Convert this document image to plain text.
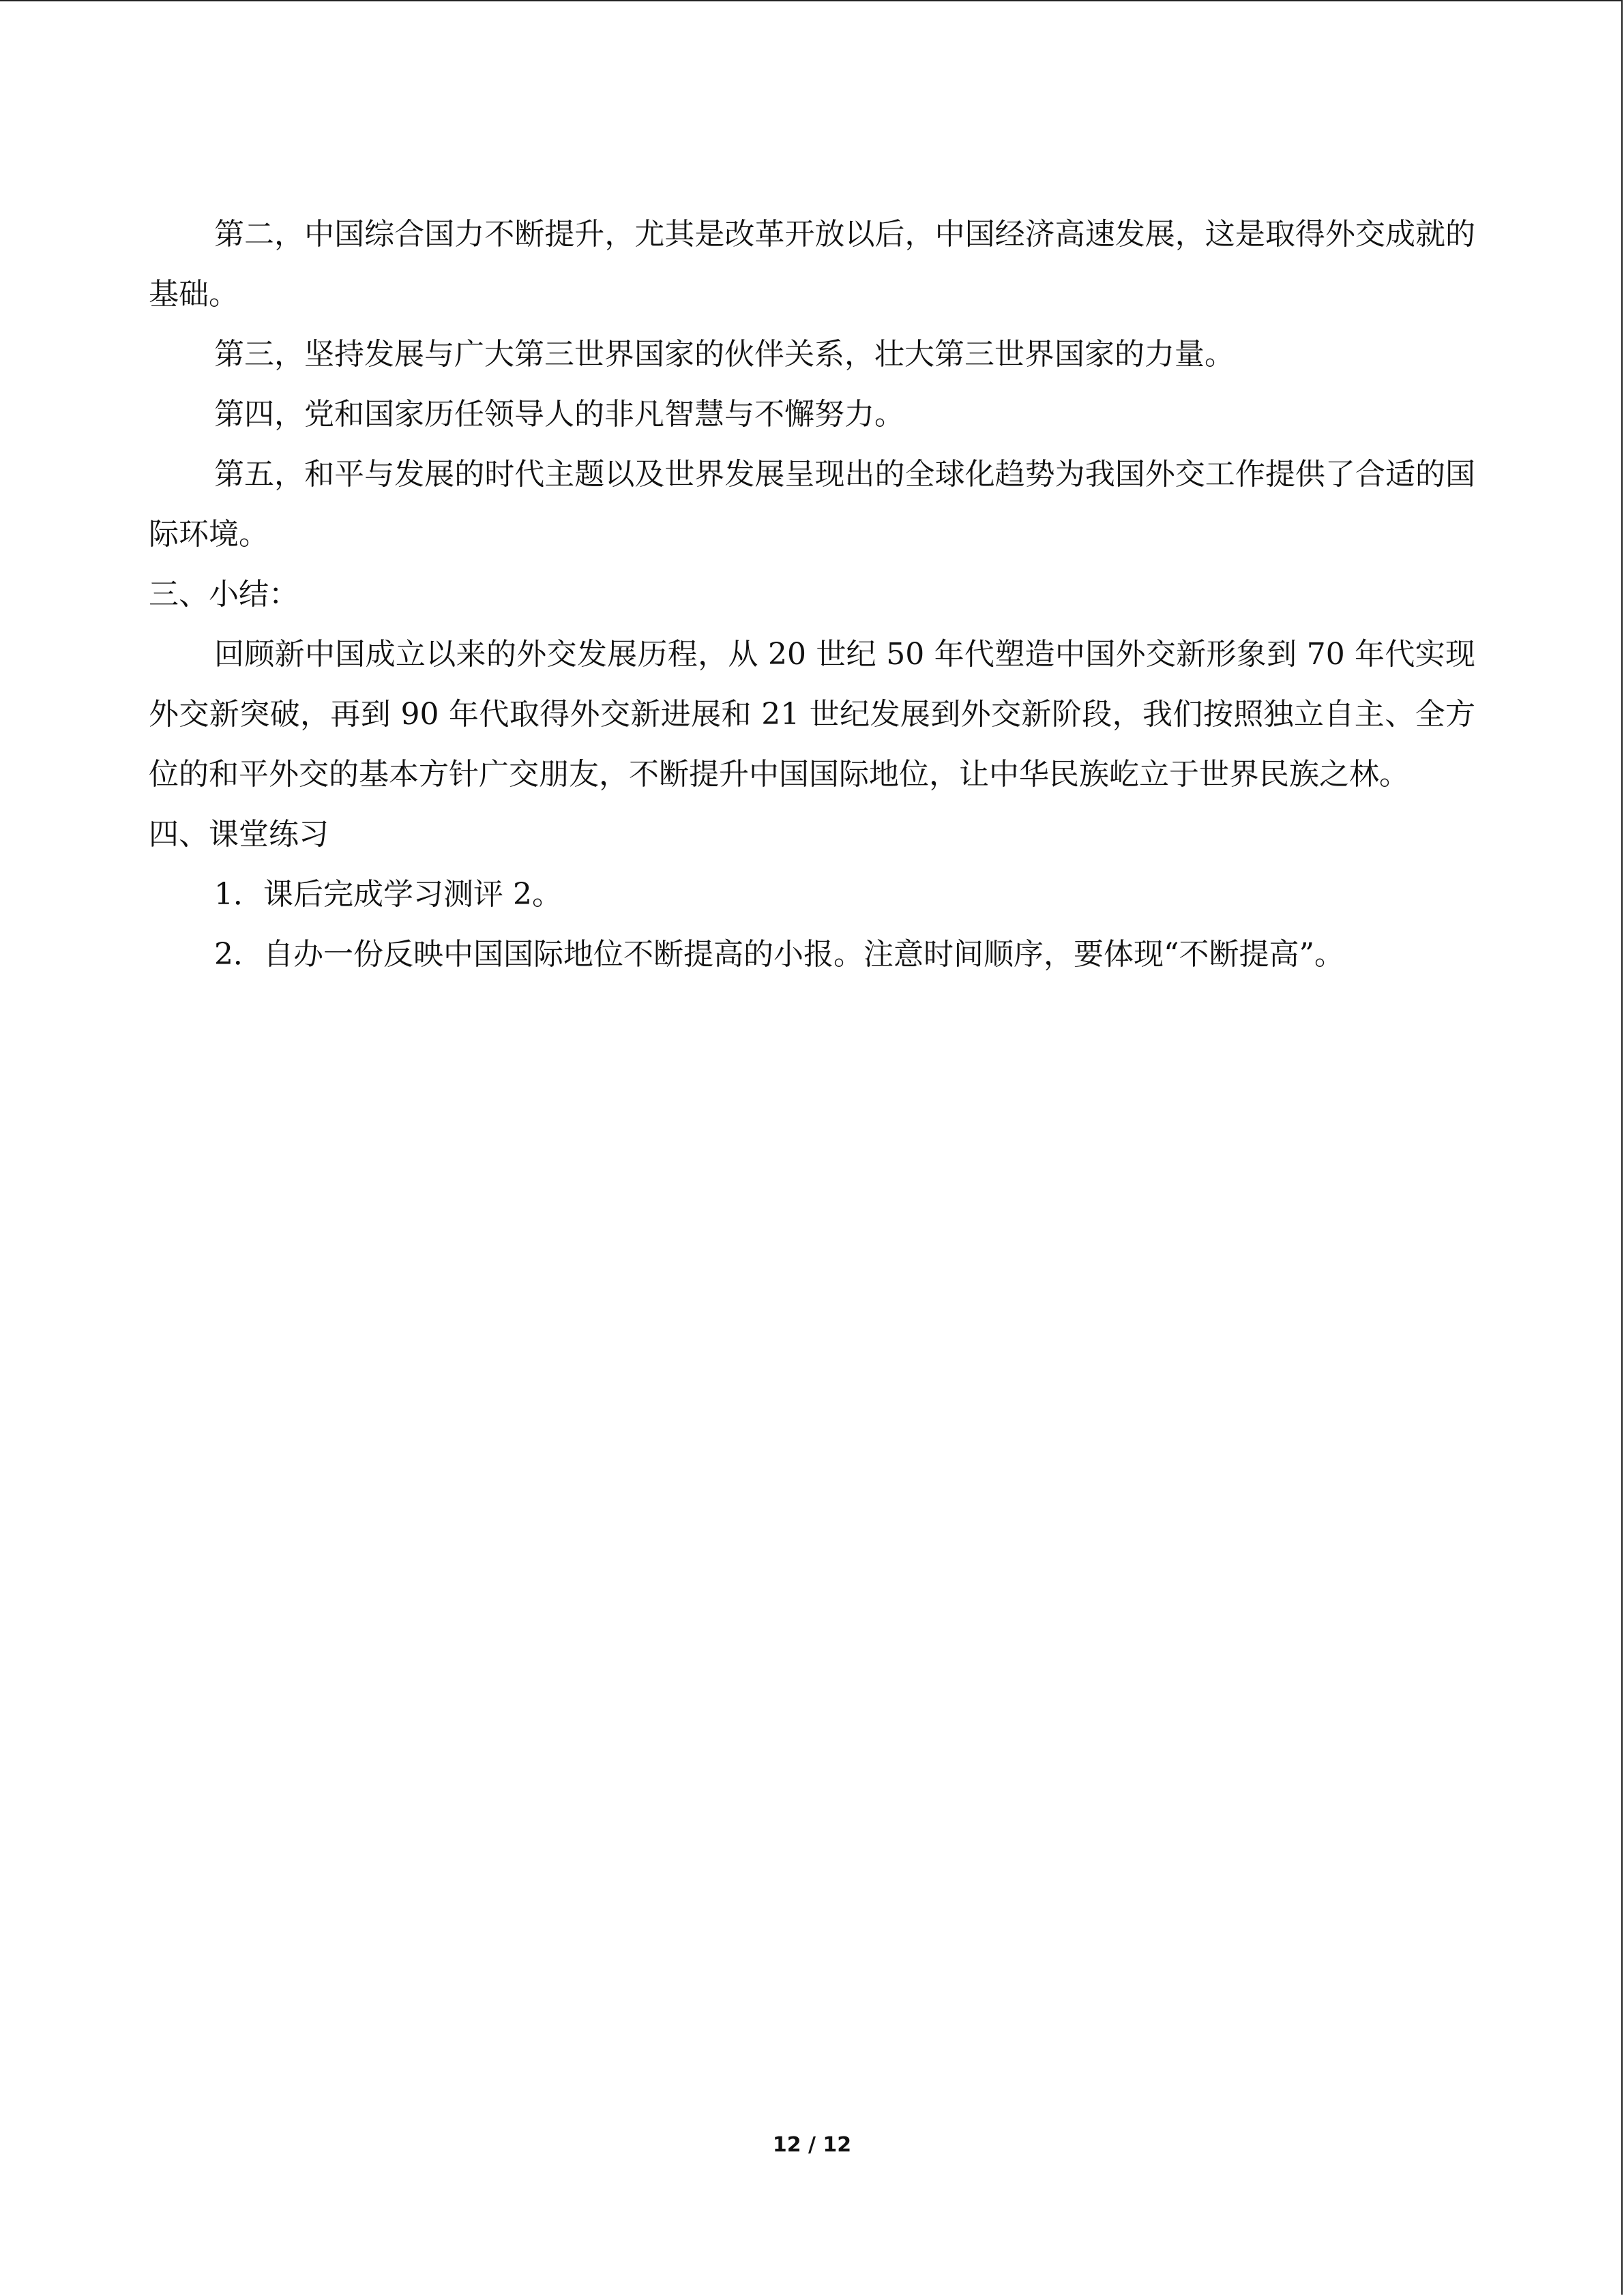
第二，中国综合国力不断提升，尤其是改革开放以后，中国经济高速发展，这是取得外交成就的基础。

第三，坚持发展与广大第三世界国家的伙伴关系，壮大第三世界国家的力量。

第四，党和国家历任领导人的非凡智慧与不懈努力。

第五，和平与发展的时代主题以及世界发展呈现出的全球化趋势为我国外交工作提供了合适的国际环境。

三、小结：

回顾新中国成立以来的外交发展历程，从 20 世纪 50 年代塑造中国外交新形象到 70 年代实现外交新突破，再到 90 年代取得外交新进展和 21 世纪发展到外交新阶段，我们按照独立自主、全方位的和平外交的基本方针广交朋友，不断提升中国国际地位，让中华民族屹立于世界民族之林。

四、课堂练习

1．课后完成学习测评 2。

2．自办一份反映中国国际地位不断提高的小报。注意时间顺序，要体现“不断提高”。

12 / 12
